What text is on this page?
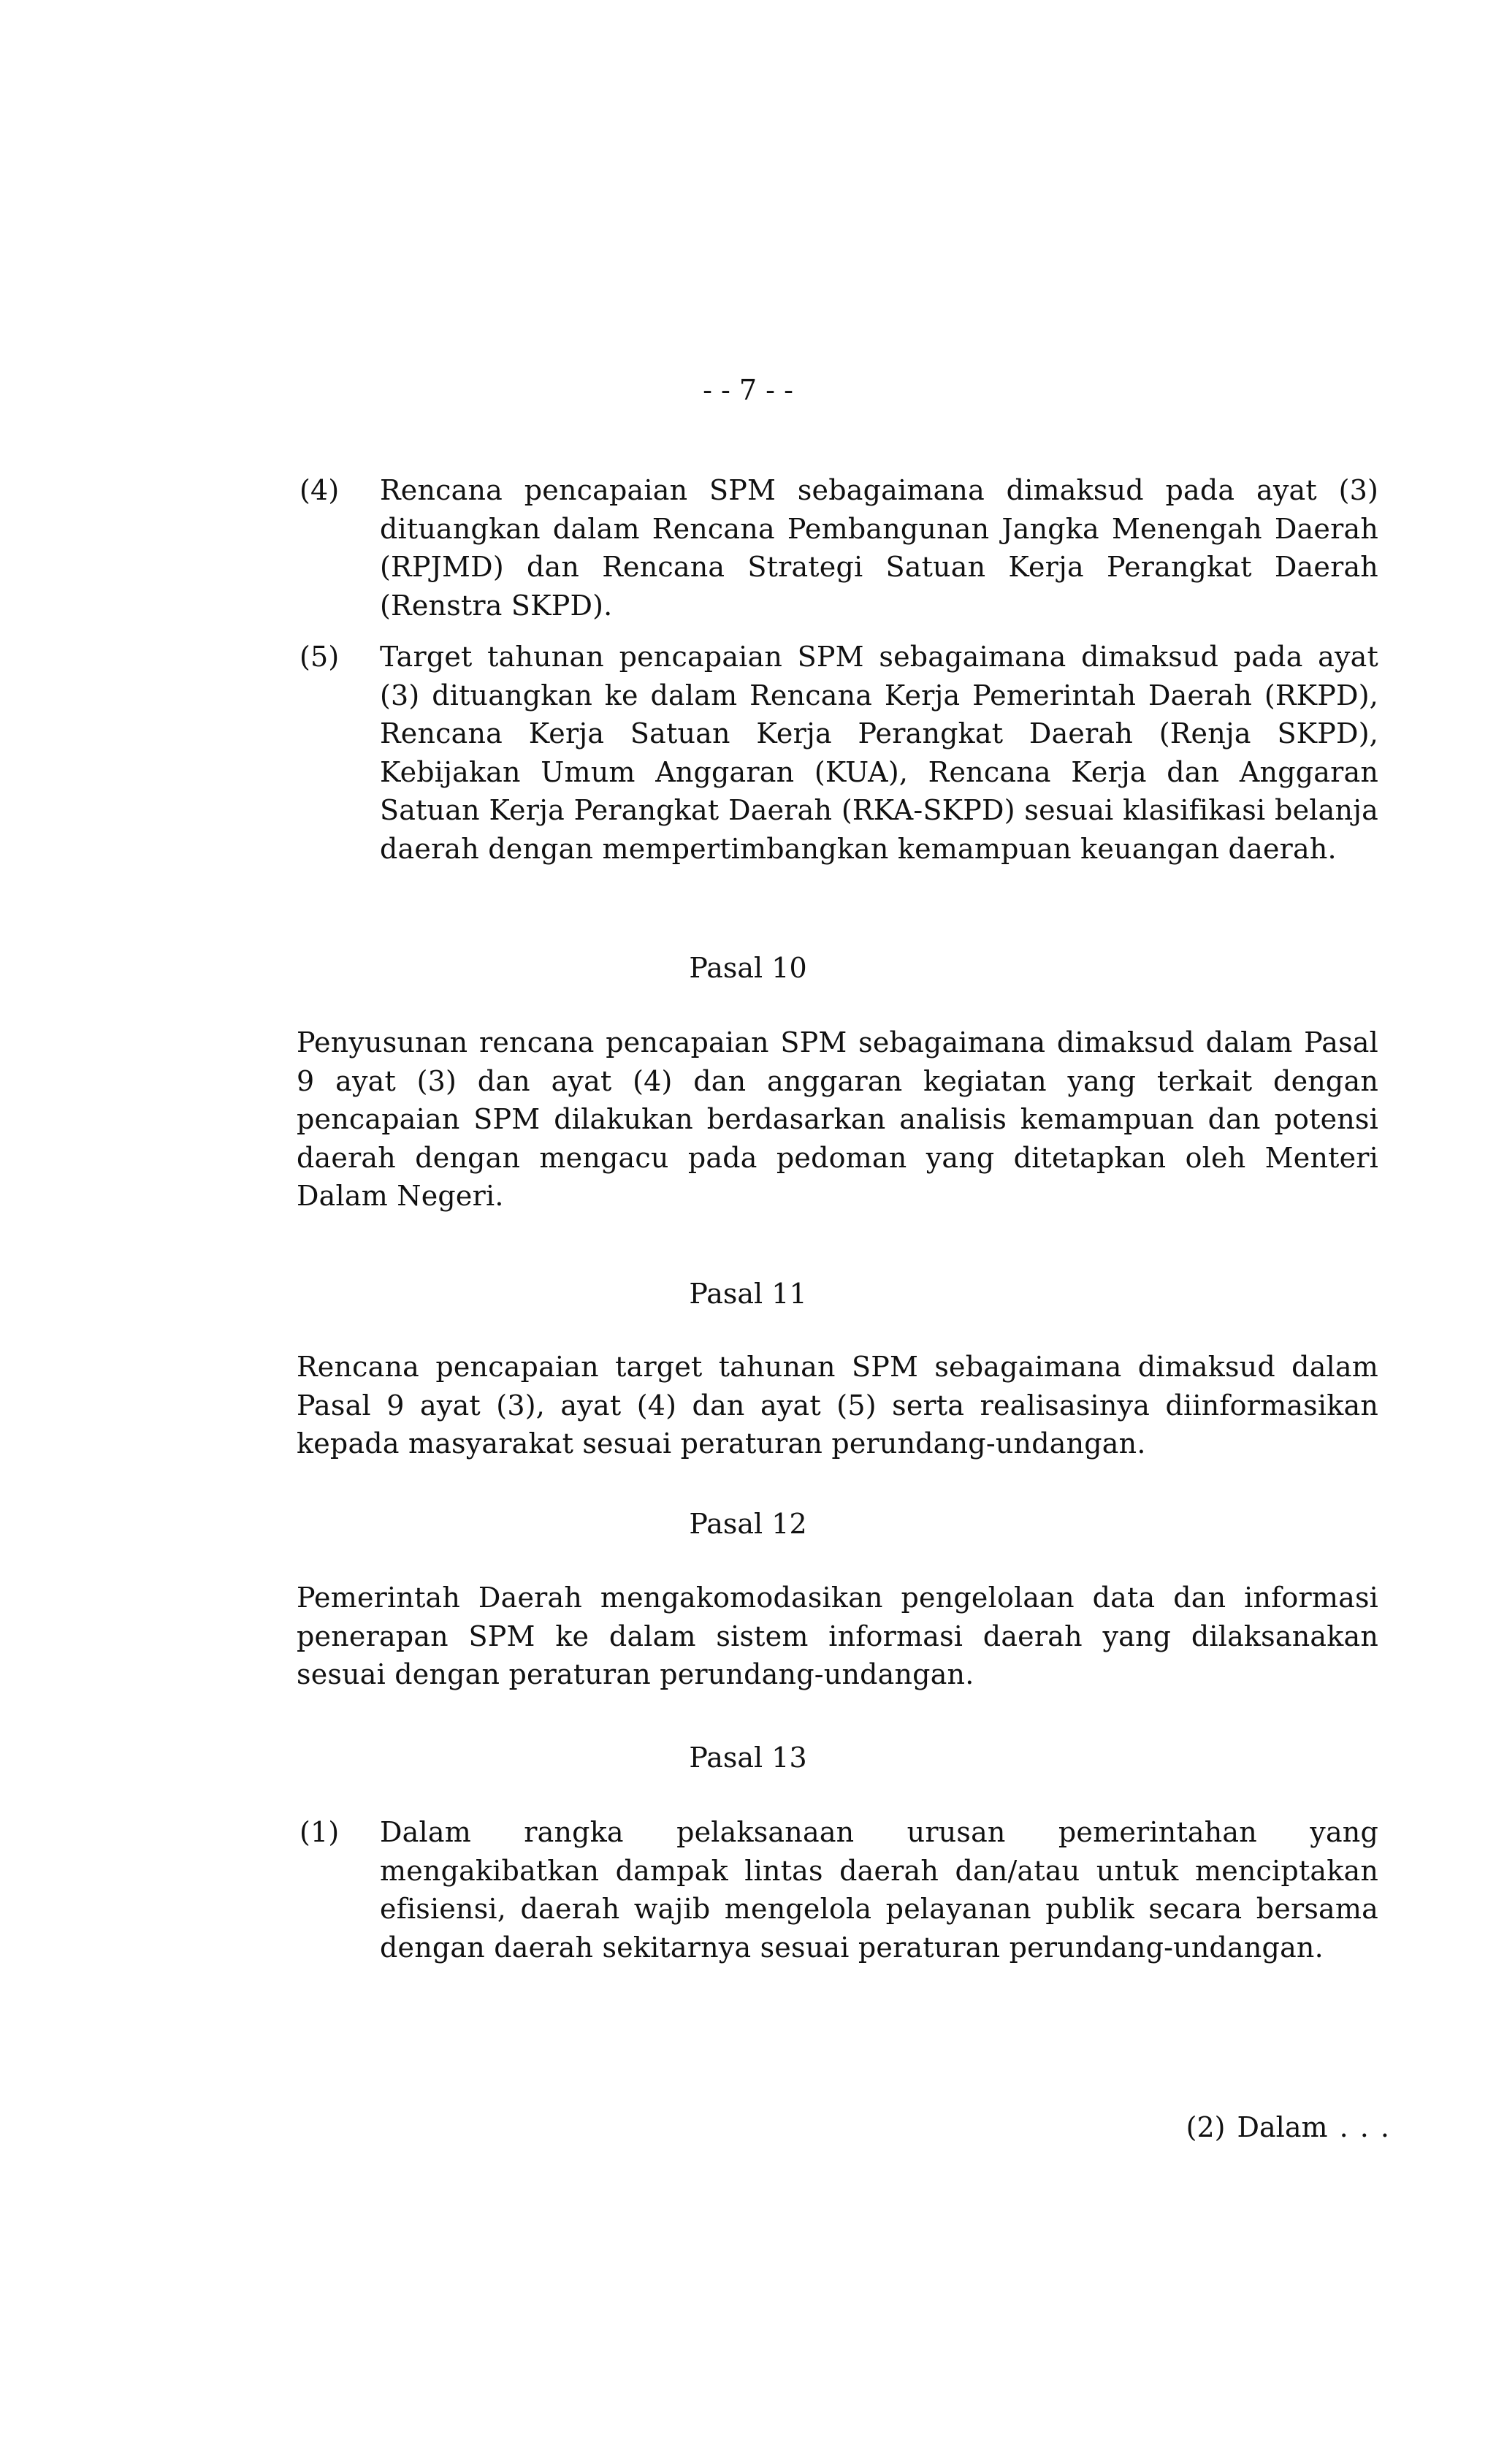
- - 7 - -
(4) Rencana pencapaian SPM sebagaimana dimaksud pada ayat (3) dituangkan dalam Rencana Pembangunan Jangka Menengah Daerah (RPJMD) dan Rencana Strategi Satuan Kerja Perangkat Daerah (Renstra SKPD).
(5) Target tahunan pencapaian SPM sebagaimana dimaksud pada ayat (3) dituangkan ke dalam Rencana Kerja Pemerintah Daerah (RKPD), Rencana Kerja Satuan Kerja Perangkat Daerah (Renja SKPD), Kebijakan Umum Anggaran (KUA), Rencana Kerja dan Anggaran Satuan Kerja Perangkat Daerah (RKA-SKPD) sesuai klasifikasi belanja daerah dengan mempertimbangkan kemampuan keuangan daerah.
Pasal 10
Penyusunan rencana pencapaian SPM sebagaimana dimaksud dalam Pasal 9 ayat (3) dan ayat (4) dan anggaran kegiatan yang terkait dengan pencapaian SPM dilakukan berdasarkan analisis kemampuan dan potensi daerah dengan mengacu pada pedoman yang ditetapkan oleh Menteri Dalam Negeri.
Pasal 11
Rencana pencapaian target tahunan SPM sebagaimana dimaksud dalam Pasal 9 ayat (3), ayat (4) dan ayat (5) serta realisasinya diinformasikan kepada masyarakat sesuai peraturan perundang-undangan.
Pasal 12
Pemerintah Daerah mengakomodasikan pengelolaan data dan informasi penerapan SPM ke dalam sistem informasi daerah yang dilaksanakan sesuai dengan peraturan perundang-undangan.
Pasal 13
(1) Dalam rangka pelaksanaan urusan pemerintahan yang mengakibatkan dampak lintas daerah dan/atau untuk menciptakan efisiensi, daerah wajib mengelola pelayanan publik secara bersama dengan daerah sekitarnya sesuai peraturan perundang-undangan.
(2) Dalam . . .
